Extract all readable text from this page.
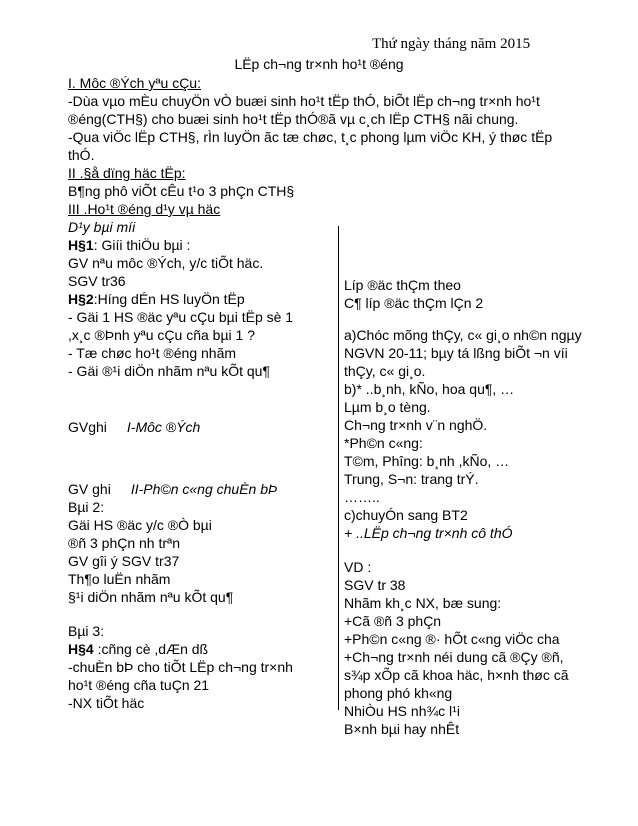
Thứ ngày tháng năm 2015
LËp ch¬ng tr×nh ho¹t ®éng
I. Môc ®Ých yªu cÇu:
-Dùa vµo mÈu chuyÖn vÒ buæi sinh ho¹t tËp thÓ, biÕt lËp ch¬ng tr×nh ho¹t
®éng(CTH§) cho buæi sinh ho¹t tËp thÓ®ã vµ c¸ch lËp CTH§ nãi chung.
-Qua viÖc lËp CTH§, rÌn luyÖn ãc tæ chøc, t¸c phong lµm viÖc KH, ý thøc tËp
thÓ.
II .§å dïng häc tËp:
B¶ng phô viÕt cÊu t¹o 3 phÇn CTH§
III .Ho¹t ®éng d¹y vµ häc
D¹y bµi míi
H§1: Giíi thiÖu bµi :
GV nªu môc ®Ých, y/c tiÕt häc.
SGV tr36
H§2:Híng dÉn HS luyÖn tËp
- Gäi 1 HS ®äc yªu cÇu bµi tËp sè 1
,x¸c ®Þnh yªu cÇu cña bµi 1 ?
- Tæ chøc ho¹t ®éng nhãm
- Gäi ®¹i diÖn nhãm nªu kÕt qu¶
GVghi I-Môc ®Ých
GV ghi II-Ph©n c«ng chuÈn bÞ
Bµi 2:
Gäi HS ®äc y/c ®Ò bµi
®ñ 3 phÇn nh trªn
GV gîi ý SGV tr37
Th¶o luËn nhãm
§¹i diÖn nhãm nªu kÕt qu¶
Bµi 3:
H§4 :cñng cè ,dÆn dß
-chuÈn bÞ cho tiÕt LËp ch¬ng tr×nh
ho¹t ®éng cña tuÇn 21
-NX tiÕt häc
Líp ®äc thÇm theo
C¶ líp ®äc thÇm lÇn 2
a)Chóc mõng thÇy, c« gi¸o nh©n ngµy
NGVN 20-11; bµy tá lßng biÕt ¬n víi
thÇy, c« gi¸o.
b)* ..b¸nh, kÑo, hoa qu¶, …
Lµm b¸o tèng.
Ch¬ng tr×nh v¨n nghÖ.
*Ph©n c«ng:
T©m, Phîng: b¸nh ,kÑo, …
Trung, S¬n: trang trÝ.
……..
c)chuyÓn sang BT2
+ ..LËp ch¬ng tr×nh cô thÓ
VD :
SGV tr 38
Nhãm kh¸c NX, bæ sung:
+Cã ®ñ 3 phÇn
+Ph©n c«ng ®· hÕt c«ng viÖc cha
+Ch¬ng tr×nh néi dung cã ®Çy ®ñ,
s¾p xÕp cã khoa häc, h×nh thøc cã
phong phó kh«ng
NhiÒu HS nh¾c l¹i
B×nh bµi hay nhÊt
